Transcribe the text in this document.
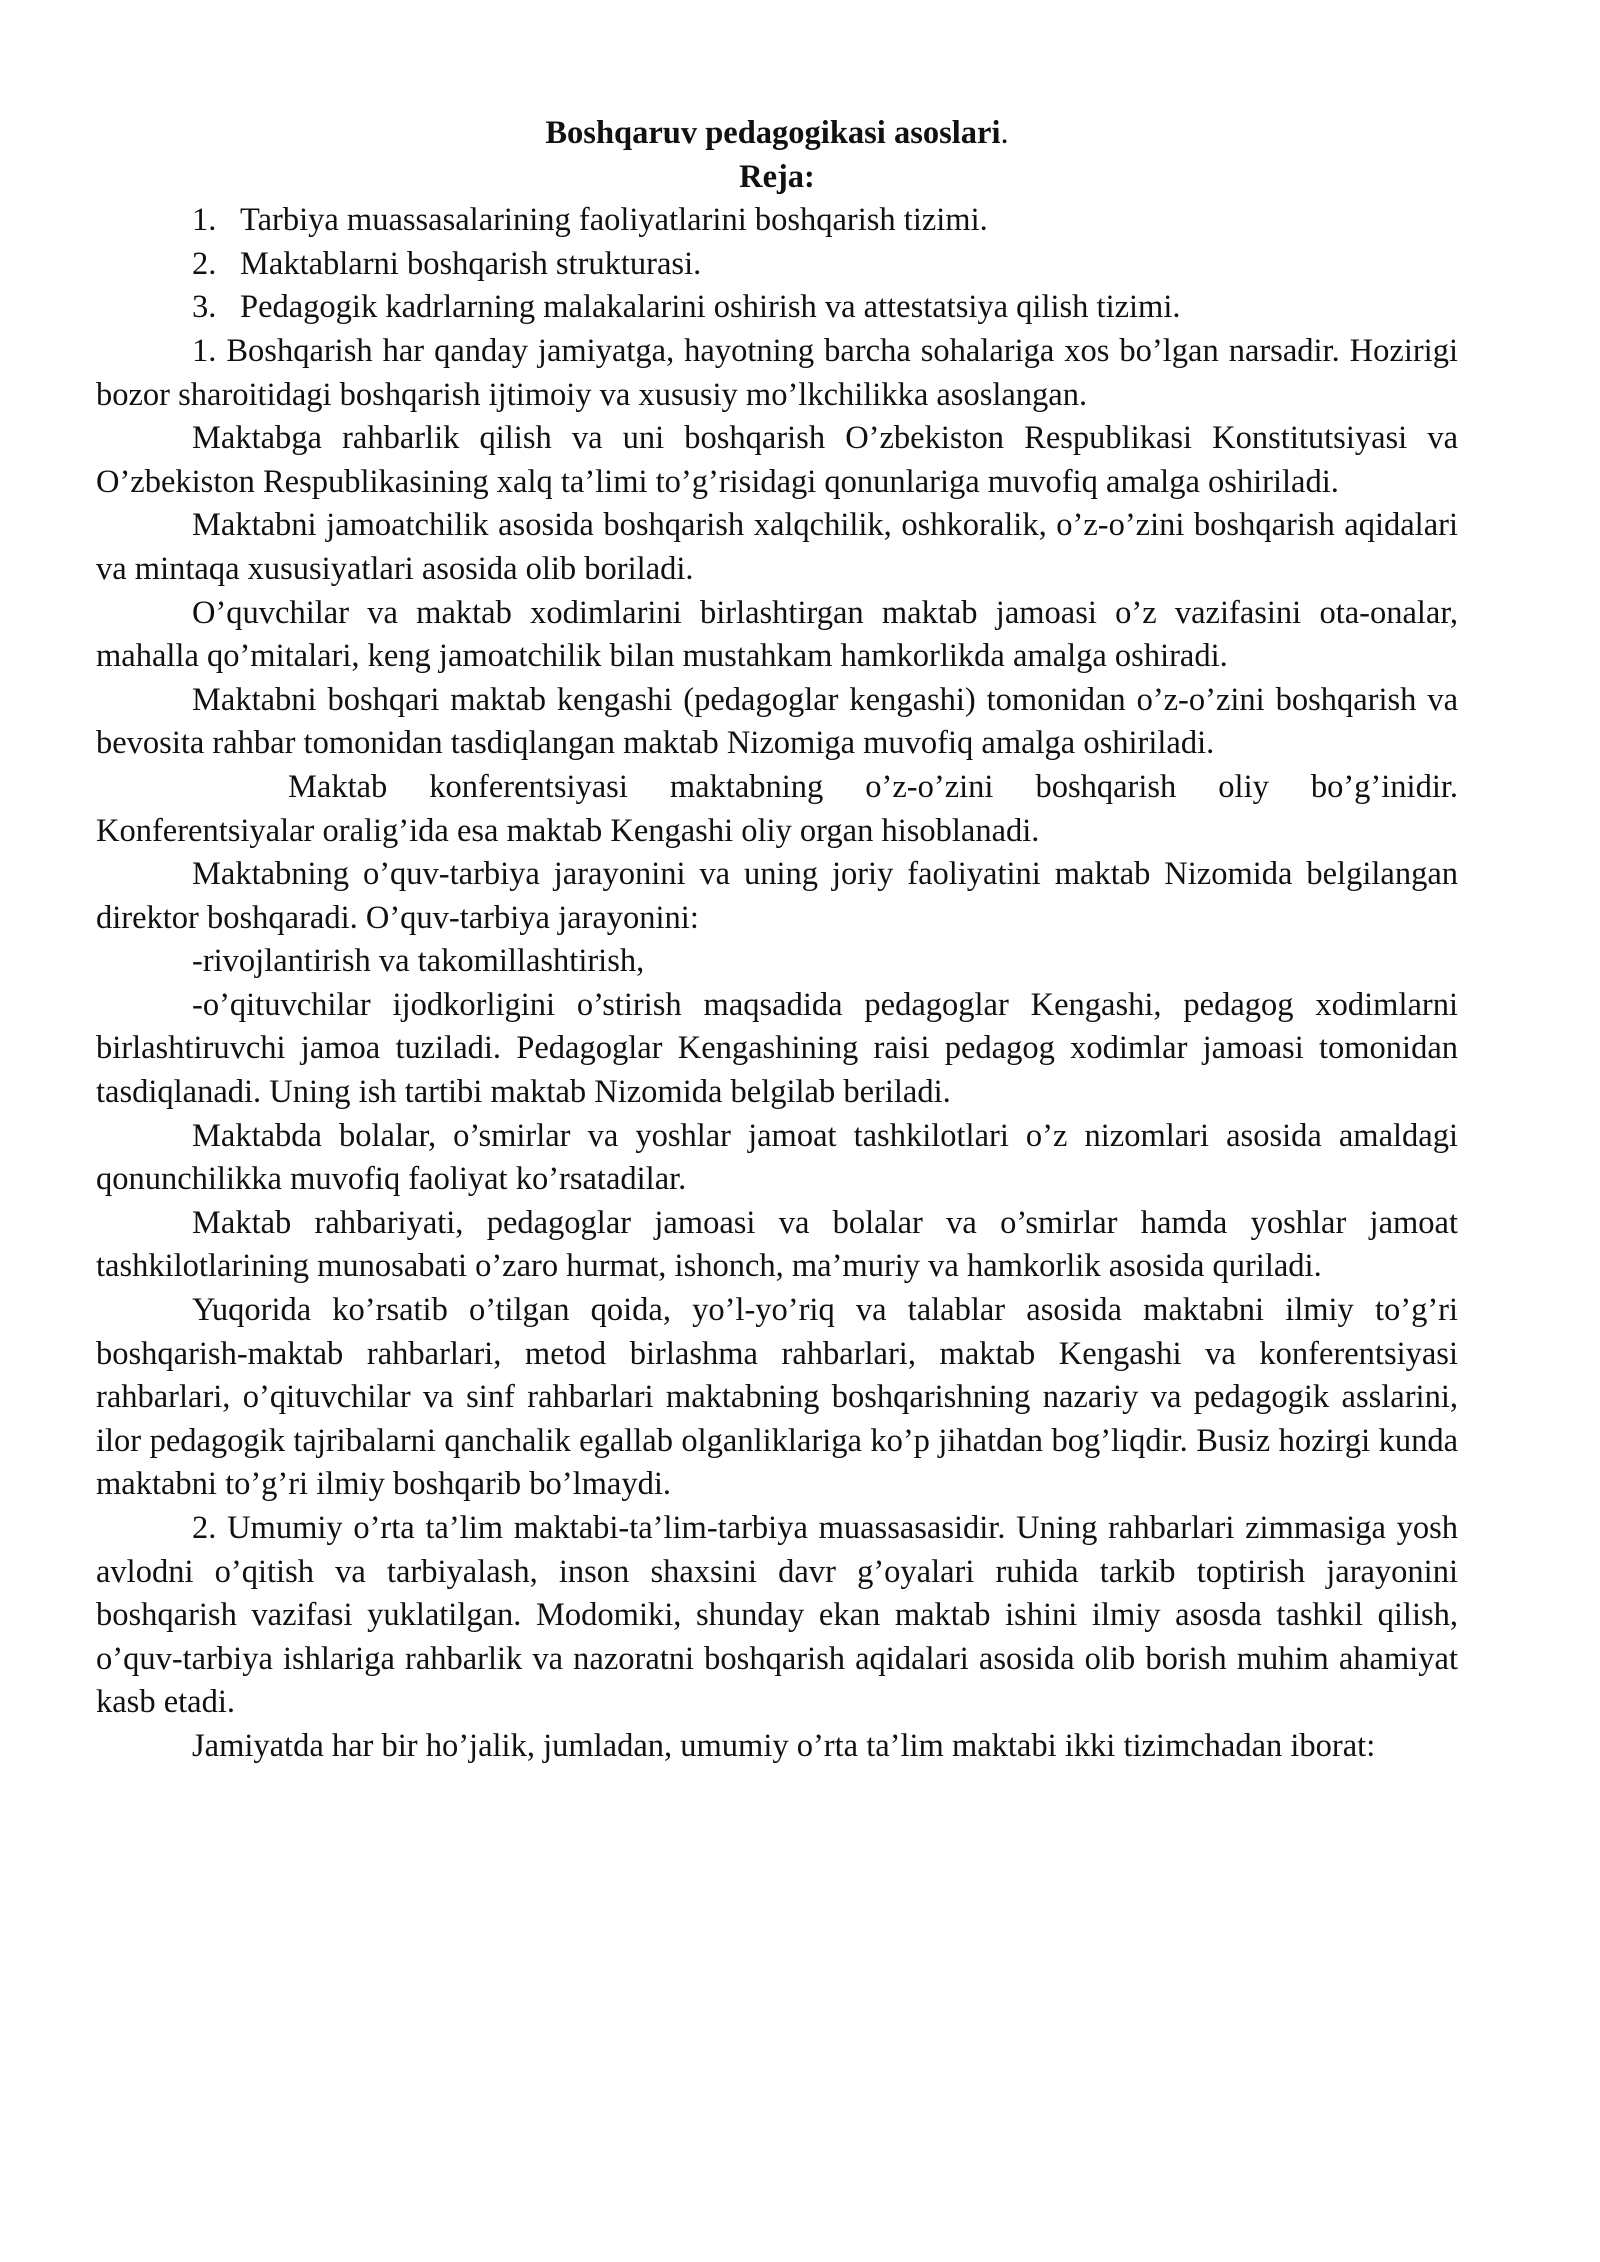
Boshqaruv pedagogikasi asoslari.

Reja:

1. Tarbiya muassasalarining faoliyatlarini boshqarish tizimi.
2. Maktablarni boshqarish strukturasi.
3. Pedagogik kadrlarning malakalarini oshirish va attestatsiya qilish tizimi.

1. Boshqarish har qanday jamiyatga, hayotning barcha sohalariga xos bo’lgan narsadir. Hozirigi bozor sharoitidagi boshqarish ijtimoiy va xususiy mo’lkchilikka asoslangan.

Maktabga rahbarlik qilish va uni boshqarish O’zbekiston Respublikasi Konstitutsiyasi va O’zbekiston Respublikasining xalq ta’limi to’g’risidagi qonunlariga muvofiq amalga oshiriladi.

Maktabni jamoatchilik asosida boshqarish xalqchilik, oshkoralik, o’z-o’zini boshqarish aqidalari va mintaqa xususiyatlari asosida olib boriladi.

O’quvchilar va maktab xodimlarini birlashtirgan maktab jamoasi o’z vazifasini ota-onalar, mahalla qo’mitalari, keng jamoatchilik bilan mustahkam hamkorlikda amalga oshiradi.

Maktabni boshqari maktab kengashi (pedagoglar kengashi) tomonidan o’z-o’zini boshqarish va bevosita rahbar tomonidan tasdiqlangan maktab Nizomiga muvofiq amalga oshiriladi.

Maktab konferentsiyasi maktabning o’z-o’zini boshqarish oliy bo’g’inidir. Konferentsiyalar oralig’ida esa maktab Kengashi oliy organ hisoblanadi.

Maktabning o’quv-tarbiya jarayonini va uning joriy faoliyatini maktab Nizomida belgilangan direktor boshqaradi. O’quv-tarbiya jarayonini:

-rivojlantirish va takomillashtirish,

-o’qituvchilar ijodkorligini o’stirish maqsadida pedagoglar Kengashi, pedagog xodimlarni birlashtiruvchi jamoa tuziladi. Pedagoglar Kengashining raisi pedagog xodimlar jamoasi tomonidan tasdiqlanadi. Uning ish tartibi maktab Nizomida belgilab beriladi.

Maktabda bolalar, o’smirlar va yoshlar jamoat tashkilotlari o’z nizomlari asosida amaldagi qonunchilikka muvofiq faoliyat ko’rsatadilar.

Maktab rahbariyati, pedagoglar jamoasi va bolalar va o’smirlar hamda yoshlar jamoat tashkilotlarining munosabati o’zaro hurmat, ishonch, ma’muriy va hamkorlik asosida quriladi.

Yuqorida ko’rsatib o’tilgan qoida, yo’l-yo’riq va talablar asosida maktabni ilmiy to’g’ri boshqarish-maktab rahbarlari, metod birlashma rahbarlari, maktab Kengashi va konferentsiyasi rahbarlari, o’qituvchilar va sinf rahbarlari maktabning boshqarishning nazariy va pedagogik asslarini, ilor pedagogik tajribalarni qanchalik egallab olganliklariga ko’p jihatdan bog’liqdir. Busiz hozirgi kunda maktabni to’g’ri ilmiy boshqarib bo’lmaydi.

2. Umumiy o’rta ta’lim maktabi-ta’lim-tarbiya muassasasidir. Uning rahbarlari zimmasiga yosh avlodni o’qitish va tarbiyalash, inson shaxsini davr g’oyalari ruhida tarkib toptirish jarayonini boshqarish vazifasi yuklatilgan. Modomiki, shunday ekan maktab ishini ilmiy asosda tashkil qilish, o’quv-tarbiya ishlariga rahbarlik va nazoratni boshqarish aqidalari asosida olib borish muhim ahamiyat kasb etadi.

Jamiyatda har bir ho’jalik, jumladan, umumiy o’rta ta’lim maktabi ikki tizimchadan iborat:
